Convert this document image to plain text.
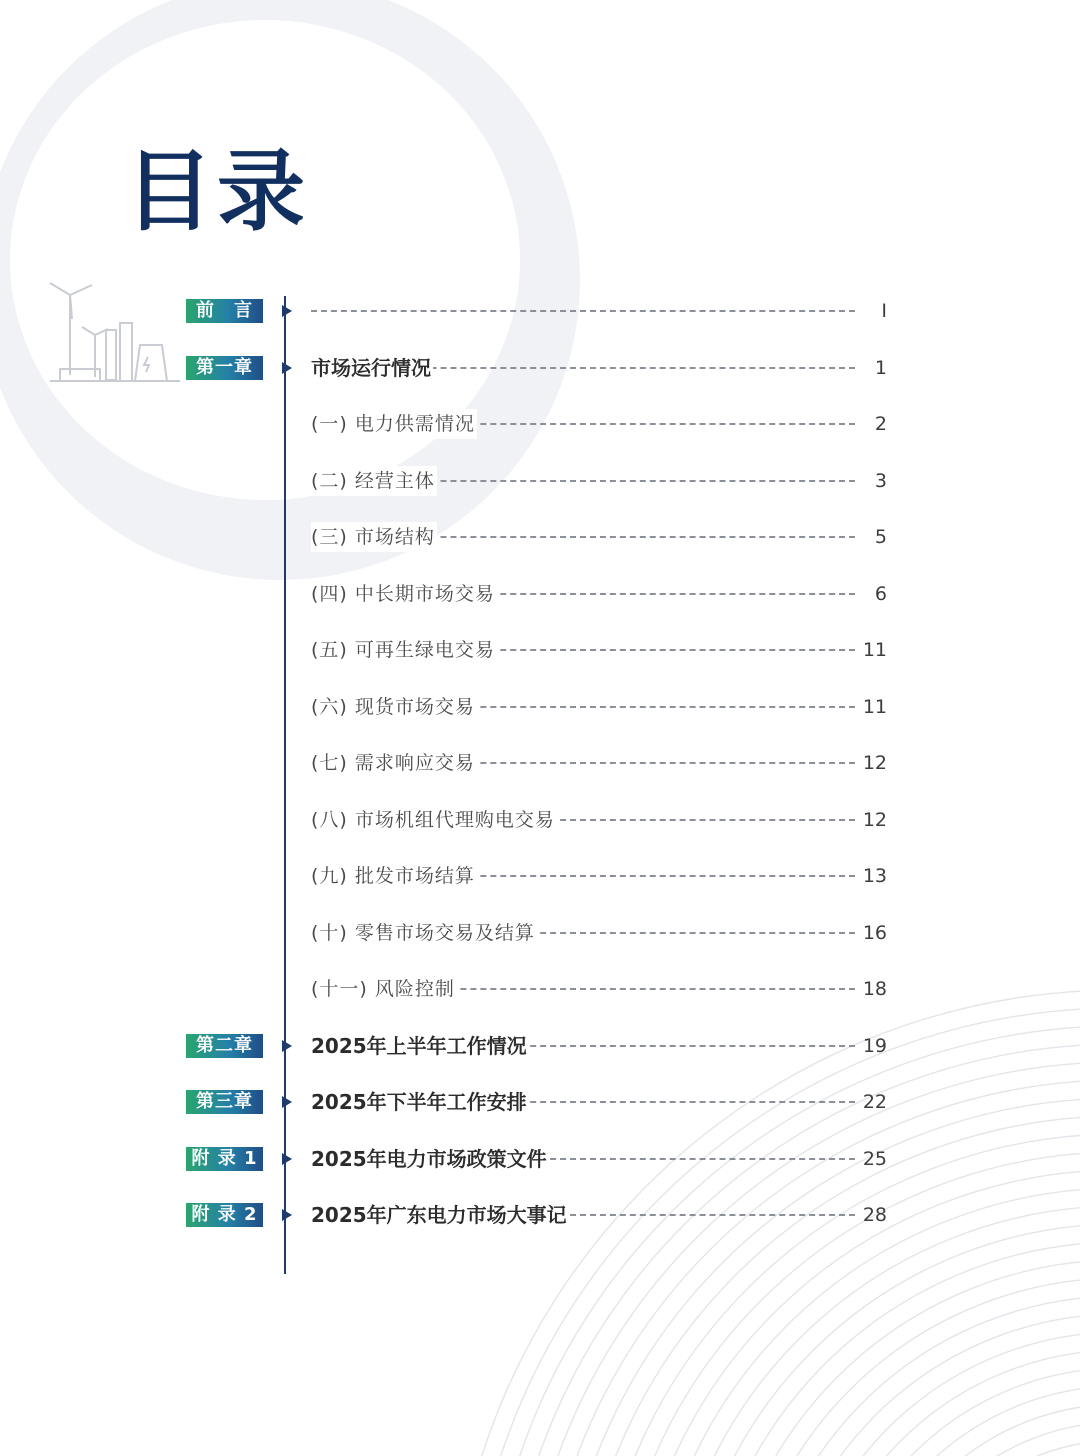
目录
前　言	I
第一章	市场运行情况	1
(一) 电力供需情况	2
(二) 经营主体	3
(三) 市场结构	5
(四) 中长期市场交易	6
(五) 可再生绿电交易	11
(六) 现货市场交易	11
(七) 需求响应交易	12
(八) 市场机组代理购电交易	12
(九) 批发市场结算	13
(十) 零售市场交易及结算	16
(十一) 风险控制	18
第二章	2025年上半年工作情况	19
第三章	2025年下半年工作安排	22
附 录 1	2025年电力市场政策文件	25
附 录 2	2025年广东电力市场大事记	28
